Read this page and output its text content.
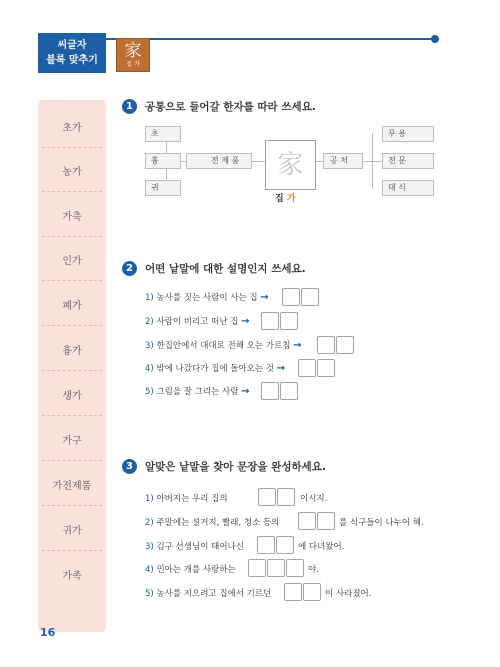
씨글자
블록 맞추기	家
집 가
초가
농가
가축
인가
폐가
흉가
생가
가구
가전제품
귀가
가족
1	공통으로 들어갈 한자를 따라 쓰세요.
초
흉
귀
전 제 품	家
집 가
공 처
무 용
전 문
대 식
2	어떤 낱말에 대한 설명인지 쓰세요.
1) 농사를 짓는 사람이 사는 집 →
2) 사람이 비리고 떠난 집 →
3) 한집안에서 대대로 전해 오는 가르침 →
4) 밖에 나갔다가 집에 돌아오는 것 →
5) 그림을 잘 그리는 사람 →
3	알맞은 낱말을 찾아 문장을 완성하세요.
1) 아버지는 우리 집의	이시지.
2) 주말에는 설거지, 빨래, 청소 등의	를 식구들이 나누어 해.
3) 김구 선생님이 태어나신	에 다녀왔어.
4) 민아는 개를 사랑하는	야.
5) 농사를 지으려고 집에서 기르던	이 사라졌어.
16
